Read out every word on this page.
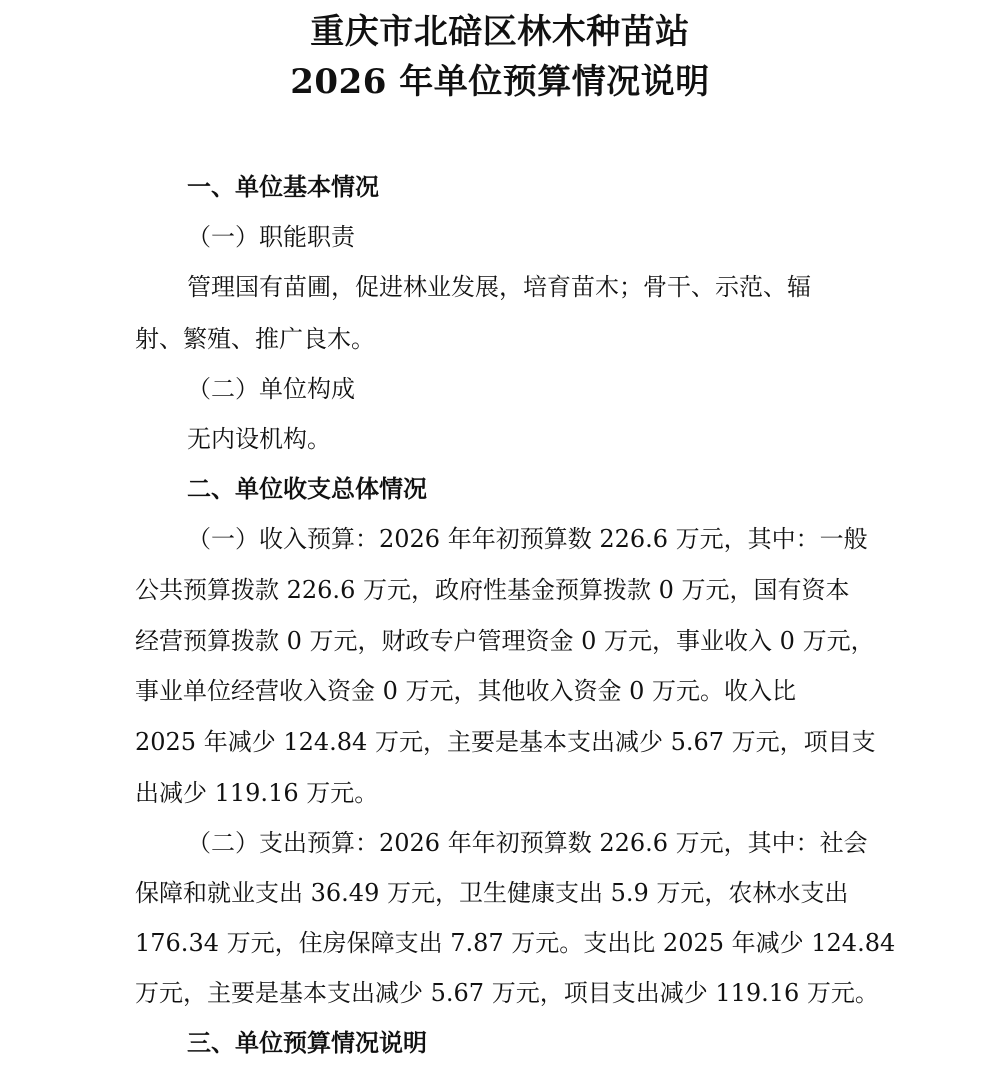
重庆市北碚区林木种苗站
2026 年单位预算情况说明
一、单位基本情况
（一）职能职责
管理国有苗圃，促进林业发展，培育苗木；骨干、示范、辐
射、繁殖、推广良木。
（二）单位构成
无内设机构。
二、单位收支总体情况
（一）收入预算：2026 年年初预算数 226.6 万元，其中：一般
公共预算拨款 226.6 万元，政府性基金预算拨款 0 万元，国有资本
经营预算拨款 0 万元，财政专户管理资金 0 万元，事业收入 0 万元，
事业单位经营收入资金 0 万元，其他收入资金 0 万元。收入比
2025 年减少 124.84 万元，主要是基本支出减少 5.67 万元，项目支
出减少 119.16 万元。
（二）支出预算：2026 年年初预算数 226.6 万元，其中：社会
保障和就业支出 36.49 万元，卫生健康支出 5.9 万元，农林水支出
176.34 万元，住房保障支出 7.87 万元。支出比 2025 年减少 124.84
万元，主要是基本支出减少 5.67 万元，项目支出减少 119.16 万元。
三、单位预算情况说明
